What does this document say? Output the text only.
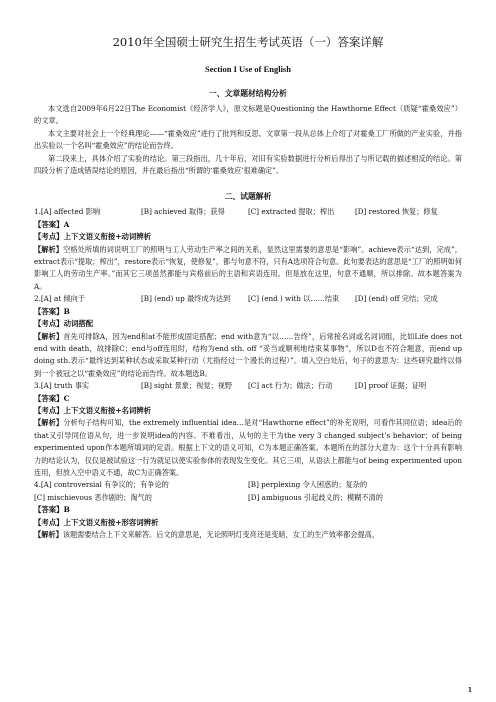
2010年全国硕士研究生招生考试英语（一）答案详解
Section I Use of English
一、文章题材结构分析

本文选自2009年6月22日The Economist《经济学人》，原文标题是Questioning the Hawthorne Effect（质疑“霍桑效应”）的文章。

本文主要对社会上一个经典理论——“霍桑效应”进行了批判和反思。文章第一段从总体上介绍了对霍桑工厂所做的产业实验，并指出实验以一个名叫“霍桑效应”的结论而告终。

第二段来上，具体介绍了实验的结论。第三段指出，几十年后，对旧有实验数据进行分析后得出了与所记载的描述相反的结论。第四段分析了造成错误结论的原因，并在最后指出“所谓的‘霍桑效应’很难确定”。

二、试题解析
1.[A] affected 影响	[B] achieved 取得；获得	[C] extracted 提取；榨出	[D] restored 恢复；修复

【答案】A

【考点】上下文语义衔接+动词辨析

【解析】空格处所填的词说明工厂的照明与工人劳动生产率之间的关系，显然这里需要的意思是“影响”。achieve表示“达到，完成”，extract表示“提取；榨出”，restore表示“恢复，使修复”，都与句意不符，只有A选项符合句意。此句要表达的意思是“工厂的照明如何影响工人的劳动生产率。”而其它三项虽然都能与宾格前后的主语和宾语连用。但是放在这里，句意不通顺，所以排除。故本题答案为A。

2.[A] at 倾向于	[B] (end) up 最终成为达到	[C] (end ) with 以……结束	[D] (end) off 完结；完成

【答案】B

【考点】动词搭配

【解析】首先可排除A，因为end和at不能形成固定搭配；end with意为“以……告终”，后常接名词或名词词组，比如Life does not end with death，故排除C；end与off连用时，结构为end sth. off “妥当或顺利地结束某事物”，所以D也不符合题意，而end up doing sth.表示“最终达到某种状态或采取某种行动（尤指经过一个漫长的过程）”。填入空白处后，句子的意思为：这些研究最终以得到一个被冠之以“霍桑效应”的结论而告终。故本题选B。

3.[A] truth 事实	[B] sight 景象；视觉；视野	[C] act 行为；做法；行动	[D] proof 证据；证明

【答案】C

【考点】上下文语义衔接+名词辨析

【解析】分析句子结构可知，the extremely influential idea…是对“Hawthorne effect”的补充说明，可看作其同位语；idea后的that又引导同位语从句，进一步说明idea的内容。不难看出，从句的主干为the very 3 changed subject’s behavior；of being experimented upon作本题所填词的定语。根据上下文的语义可知，C为本题正确答案。本题所在的部分大意为：这个十分具有影响力的结论认为，仅仅是被试验这一行为就足以使实验参体的表现发生变化。其它三项，从语法上都能与of being experimented upon连用，但放入空中语义不通，故C为正确答案。

4.[A] controversial 有争议的；有争论的	[B] perplexing 令人困惑的；复杂的
[C] mischievous 恶作剧的；淘气的	[D] ambiguous 引起歧义的；模糊不清的

【答案】B

【考点】上下文语义衔接+形容词辨析

【解析】该题需要结合上下文来解答。后文的意思是，无论照明灯变亮还是变暗，女工的生产效率都会提高，

1
